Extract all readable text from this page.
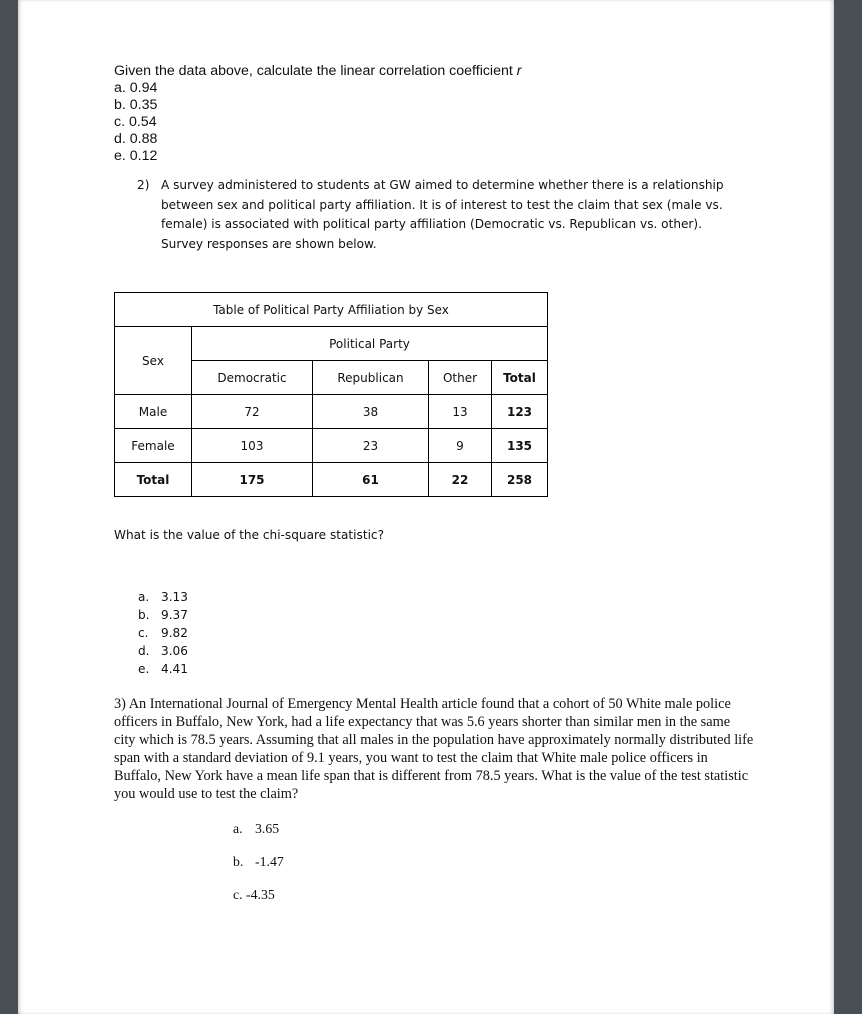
Given the data above, calculate the linear correlation coefficient r
a. 0.94
b. 0.35
c. 0.54
d. 0.88
e. 0.12
2) A survey administered to students at GW aimed to determine whether there is a relationship between sex and political party affiliation. It is of interest to test the claim that sex (male vs. female) is associated with political party affiliation (Democratic vs. Republican vs. other). Survey responses are shown below.
Table of Political Party Affiliation by Sex				
Sex	Political Party			
	Democratic	Republican	Other	Total
Male	72	38	13	123
Female	103	23	9	135
Total	175	61	22	258
What is the value of the chi-square statistic?
a. 3.13
b. 9.37
c. 9.82
d. 3.06
e. 4.41
3) An International Journal of Emergency Mental Health article found that a cohort of 50 White male police officers in Buffalo, New York, had a life expectancy that was 5.6 years shorter than similar men in the same city which is 78.5 years. Assuming that all males in the population have approximately normally distributed life span with a standard deviation of 9.1 years, you want to test the claim that White male police officers in Buffalo, New York have a mean life span that is different from 78.5 years. What is the value of the test statistic you would use to test the claim?
a. 3.65
b. -1.47
c. -4.35
